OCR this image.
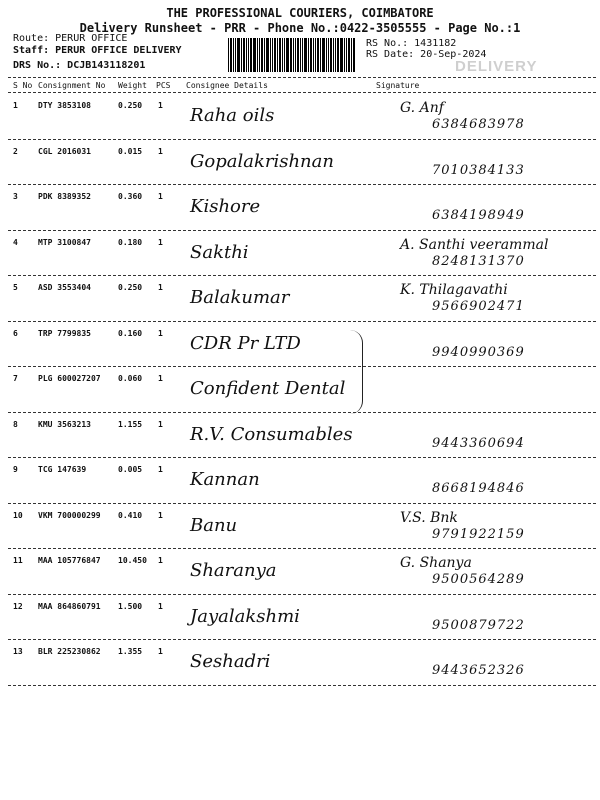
THE PROFESSIONAL COURIERS, COIMBATORE
Delivery Runsheet - PRR - Phone No.:0422-3505555 - Page No.:1
Route: PERUR OFFICE
Staff: PERUR OFFICE DELIVERY
DRS No.: DCJB143118201
RS No.: 1431182
RS Date: 20-Sep-2024
DELIVERY
S No Consignment No Weight PCS Consignee Details	Signature
1	DTY 3853108	0.250 1 Raha oils	G. Anf
6384683978
2	CGL 2016031	0.015 1 Gopalakrishnan	7010384133
3	PDK 8389352	0.360 1 Kishore	6384198949
4	MTP 3100847	0.180 1 Sakthi	A. Santhi veerammal
8248131370
5	ASD 3553404	0.250 1 Balakumar	K. Thilagavathi
9566902471
6	TRP 7799835	0.160 1 CDR Pr LTD	9940990369
7	PLG 600027207 0.060 1 Confident Dental
8	KMU 3563213	1.155 1 R.V. Consumables	9443360694
9	TCG 147639	0.005 1 Kannan	8668194846
10 VKM 700000299 0.410 1 Banu	V.S. Bnk
9791922159
11 MAA 105776847 10.450 1 Sharanya	G. Shanya
9500564289
12 MAA 864860791 1.500 1 Jayalakshmi	9500879722
13 BLR 225230862 1.355 1 Seshadri	9443652326
